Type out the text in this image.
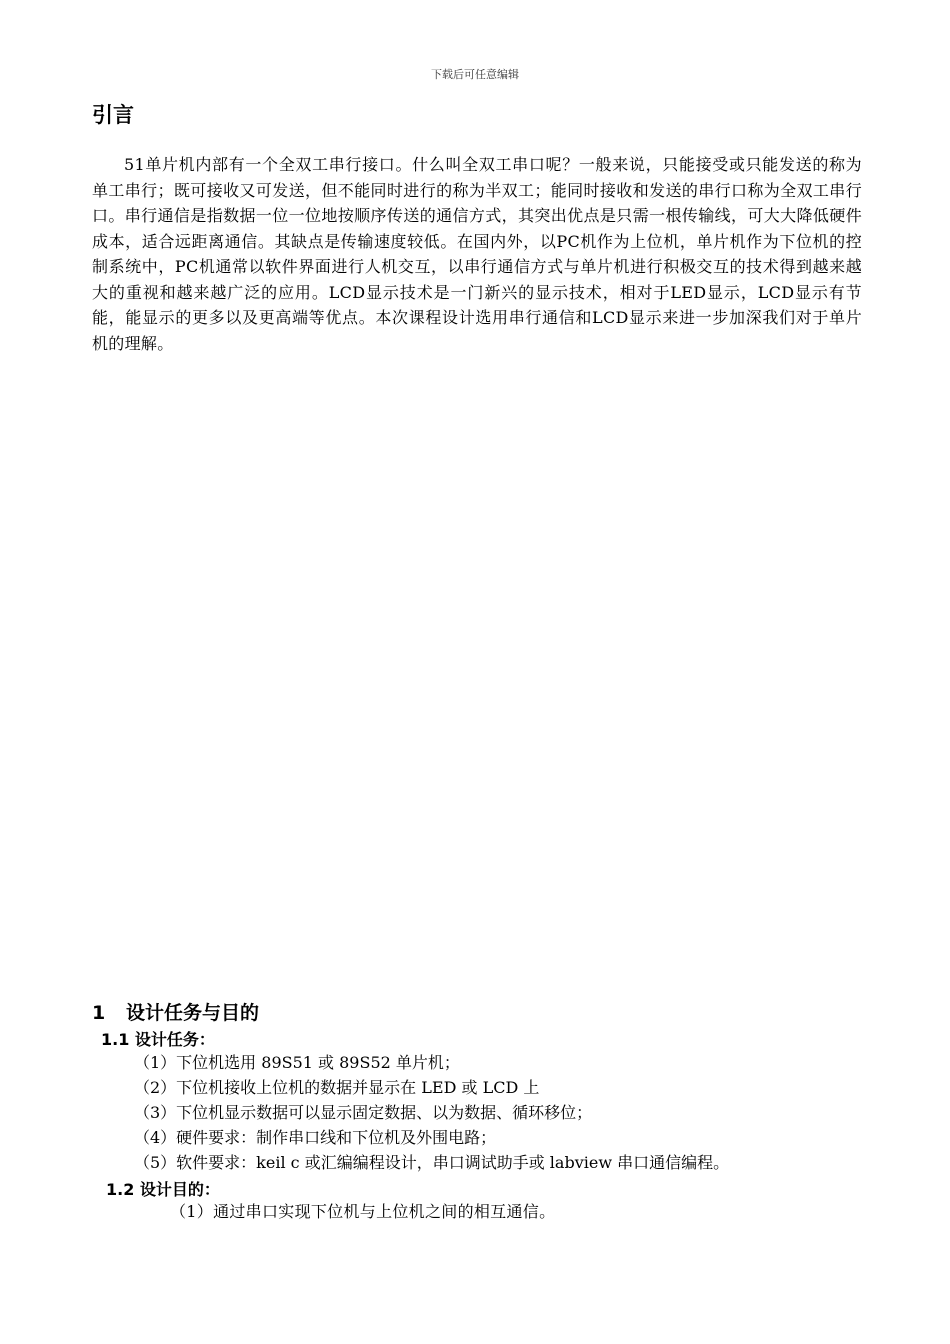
下载后可任意编辑
引言

51单片机内部有一个全双工串行接口。什么叫全双工串口呢？一般来说，只能接受或只能发送的称为单工串行；既可接收又可发送，但不能同时进行的称为半双工；能同时接收和发送的串行口称为全双工串行口。串行通信是指数据一位一位地按顺序传送的通信方式，其突出优点是只需一根传输线，可大大降低硬件成本，适合远距离通信。其缺点是传输速度较低。在国内外，以PC机作为上位机，单片机作为下位机的控制系统中，PC机通常以软件界面进行人机交互，以串行通信方式与单片机进行积极交互的技术得到越来越大的重视和越来越广泛的应用。LCD显示技术是一门新兴的显示技术，相对于LED显示，LCD显示有节能，能显示的更多以及更高端等优点。本次课程设计选用串行通信和LCD显示来进一步加深我们对于单片机的理解。

1 设计任务与目的
1.1 设计任务：
（1）下位机选用 89S51 或 89S52 单片机；
（2）下位机接收上位机的数据并显示在 LED 或 LCD 上
（3）下位机显示数据可以显示固定数据、以为数据、循环移位；
（4）硬件要求：制作串口线和下位机及外围电路；
（5）软件要求：keil c 或汇编编程设计，串口调试助手或 labview 串口通信编程。
1.2 设计目的：
（1）通过串口实现下位机与上位机之间的相互通信。
